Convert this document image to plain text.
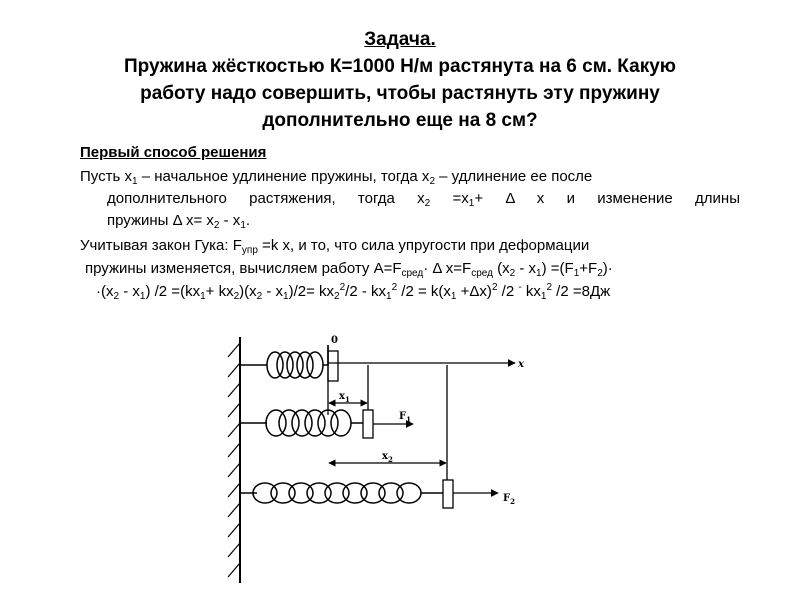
Задача.
Пружина жёсткостью К=1000 Н/м растянута на 6 см. Какую
работу надо совершить, чтобы растянуть эту пружину
дополнительно еще на 8 см?
Первый способ решения
Пусть $x_1$ – начальное удлинение пружины, тогда $x_2$ – удлинение ее после
дополнительного растяжения, тогда $x_2 =x_1+ \Delta$ x и изменение длины
пружины Δ $x= x_2 - x_1$.
Учитывая закон Гука: $F_{упр} =k$ x, и то, что сила упругости при деформации
пружины изменяется, вычисляем работу $A=F_{сред}\cdot \Delta$ $x=F_{сред}$ $(x_2 - x_1) =(F_1+F_2)\cdot$
$\cdot(x_2 - x_1)$ $/2 =(kx_1+ kx_2)(x_2 - x_1)/2= kx_2^2/2 - kx_1^2$ $/2 = k(x_1 +\Delta x)^2$ /2 - $kx_1^2$ /2 =8Дж
0
x
$x_1$
$x_2$
$F_1$
$F_2$
